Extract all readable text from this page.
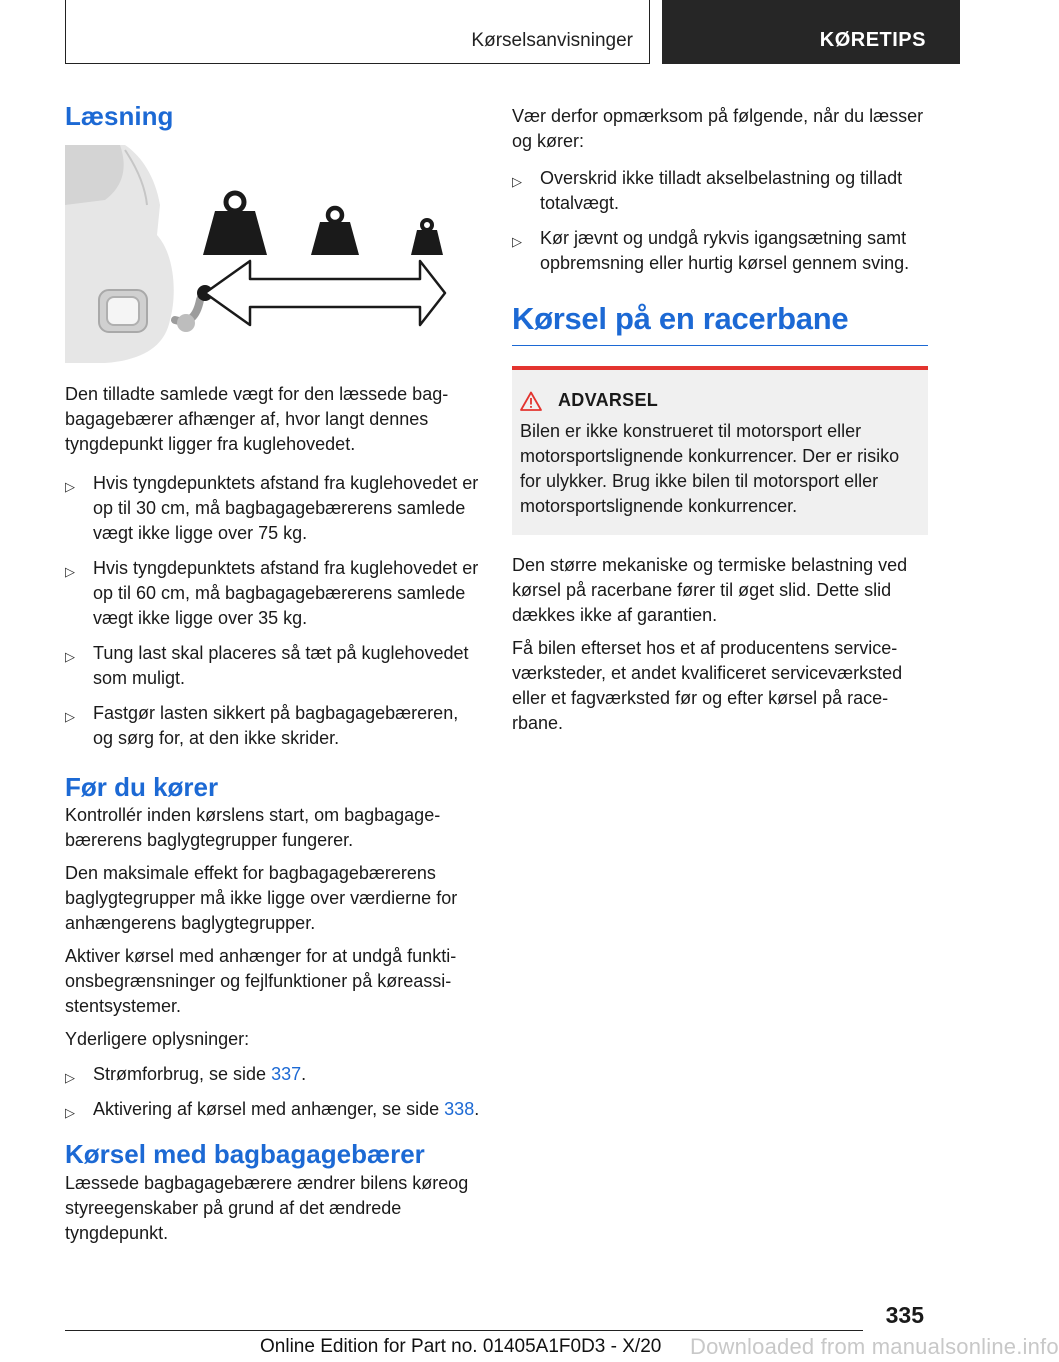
Kørselsanvisninger	KØRETIPS
Læsning

Den tilladte samlede vægt for den læssede bagbagagebærer afhænger af, hvor langt dennes tyngdepunkt ligger fra kuglehovedet.

▷ Hvis tyngdepunktets afstand fra kuglehovedet er op til 30 cm, må bagbagagebærerens samlede vægt ikke ligge over 75 kg.
▷ Hvis tyngdepunktets afstand fra kuglehovedet er op til 60 cm, må bagbagagebærerens samlede vægt ikke ligge over 35 kg.
▷ Tung last skal placeres så tæt på kuglehovedet som muligt.
▷ Fastgør lasten sikkert på bagbagagebæreren, og sørg for, at den ikke skrider.
Før du kører

Kontrollér inden kørslens start, om bagbagagebærerens baglygtegrupper fungerer.

Den maksimale effekt for bagbagagebærerens baglygtegrupper må ikke ligge over værdierne for anhængerens baglygtegrupper.

Aktiver kørsel med anhænger for at undgå funktionsbegrænsninger og fejlfunktioner på køreassistentsystemer.

Yderligere oplysninger:

▷ Strømforbrug, se side 337.
▷ Aktivering af kørsel med anhænger, se side 338.
Kørsel med bagbagagebærer

Læssede bagbagagebærere ændrer bilens køreog styreegenskaber på grund af det ændrede tyngdepunkt.

Vær derfor opmærksom på følgende, når du læsser og kører:

▷ Overskrid ikke tilladt akselbelastning og tilladt totalvægt.
▷ Kør jævnt og undgå rykvis igangsætning samt opbremsning eller hurtig kørsel gennem sving.
Kørsel på en racerbane
ADVARSEL

Bilen er ikke konstrueret til motorsport eller motorsportslignende konkurrencer. Der er risiko for ulykker. Brug ikke bilen til motorsport eller motorsportslignende konkurrencer.

Den større mekaniske og termiske belastning ved kørsel på racerbane fører til øget slid. Dette slid dækkes ikke af garantien.

Få bilen efterset hos et af producentens serviceværksteder, et andet kvalificeret serviceværksted eller et fagværksted før og efter kørsel på racerbane.

335
Online Edition for Part no. 01405A1F0D3 - X/20 Downloaded from manualsonline.info
